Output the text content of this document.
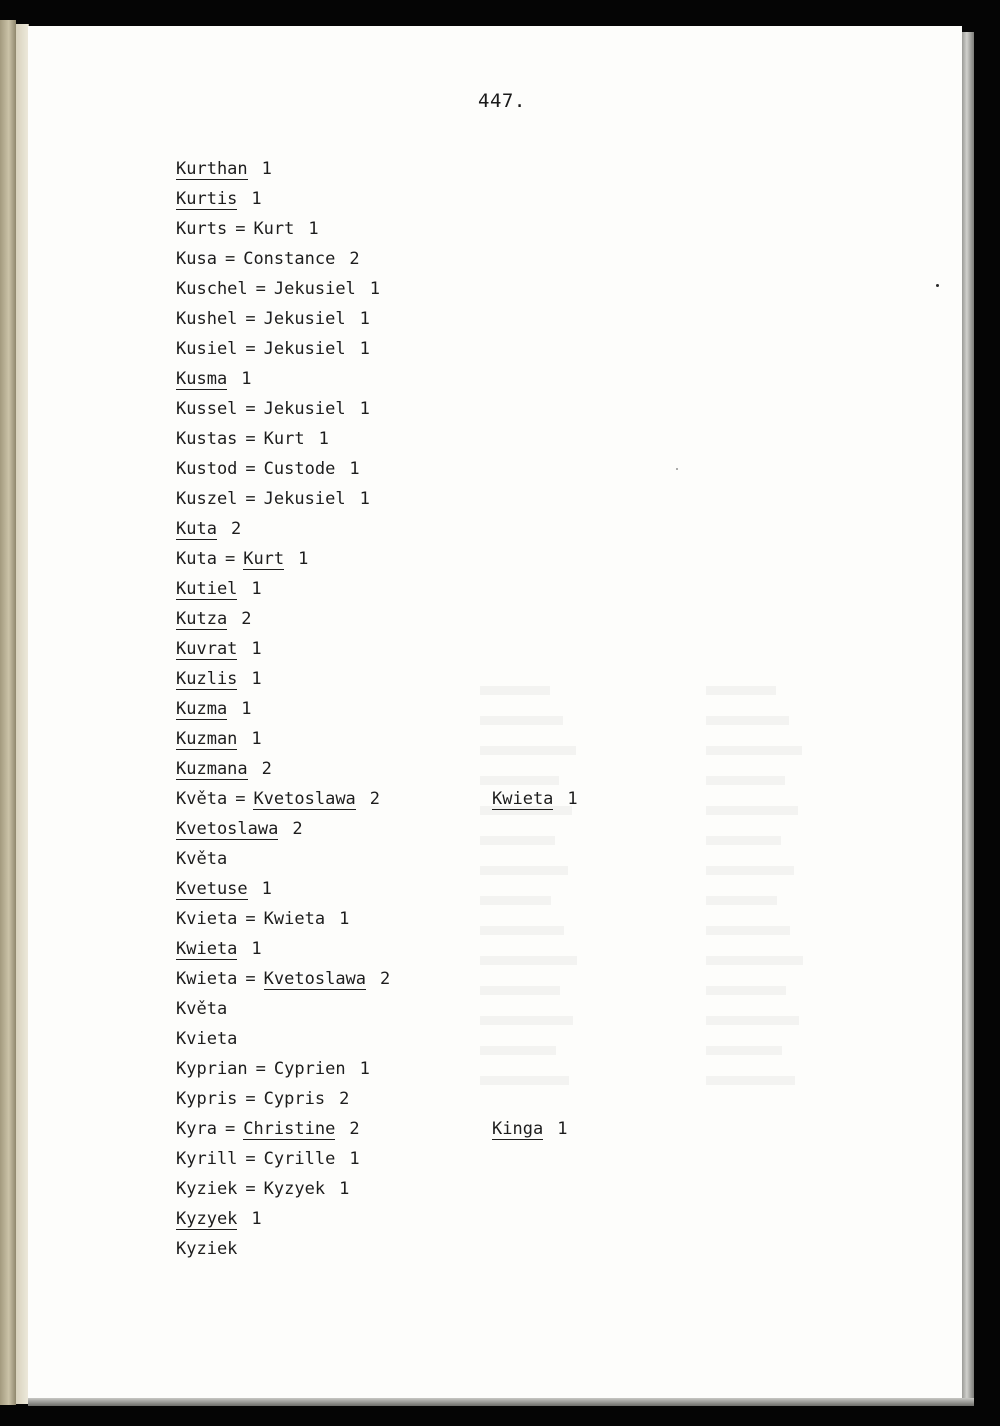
447.
Kurthan 1
Kurtis 1
Kurts = Kurt 1
Kusa = Constance 2
Kuschel = Jekusiel 1
Kushel = Jekusiel 1
Kusiel = Jekusiel 1
Kusma 1
Kussel = Jekusiel 1
Kustas = Kurt 1
Kustod = Custode 1
Kuszel = Jekusiel 1
Kuta 2
Kuta = Kurt 1
Kutiel 1
Kutza 2
Kuvrat 1
Kuzlis 1
Kuzma 1
Kuzman 1
Kuzmana 2
Květa = Kvetoslawa 2	Kwieta 1
Kvetoslawa 2
Květa
Kvetuse 1
Kvieta = Kwieta 1
Kwieta 1
Kwieta = Kvetoslawa 2
Květa
Kvieta
Kyprian = Cyprien 1
Kypris = Cypris 2
Kyra = Christine 2	Kinga 1
Kyrill = Cyrille 1
Kyziek = Kyzyek 1
Kyzyek 1
Kyziek
